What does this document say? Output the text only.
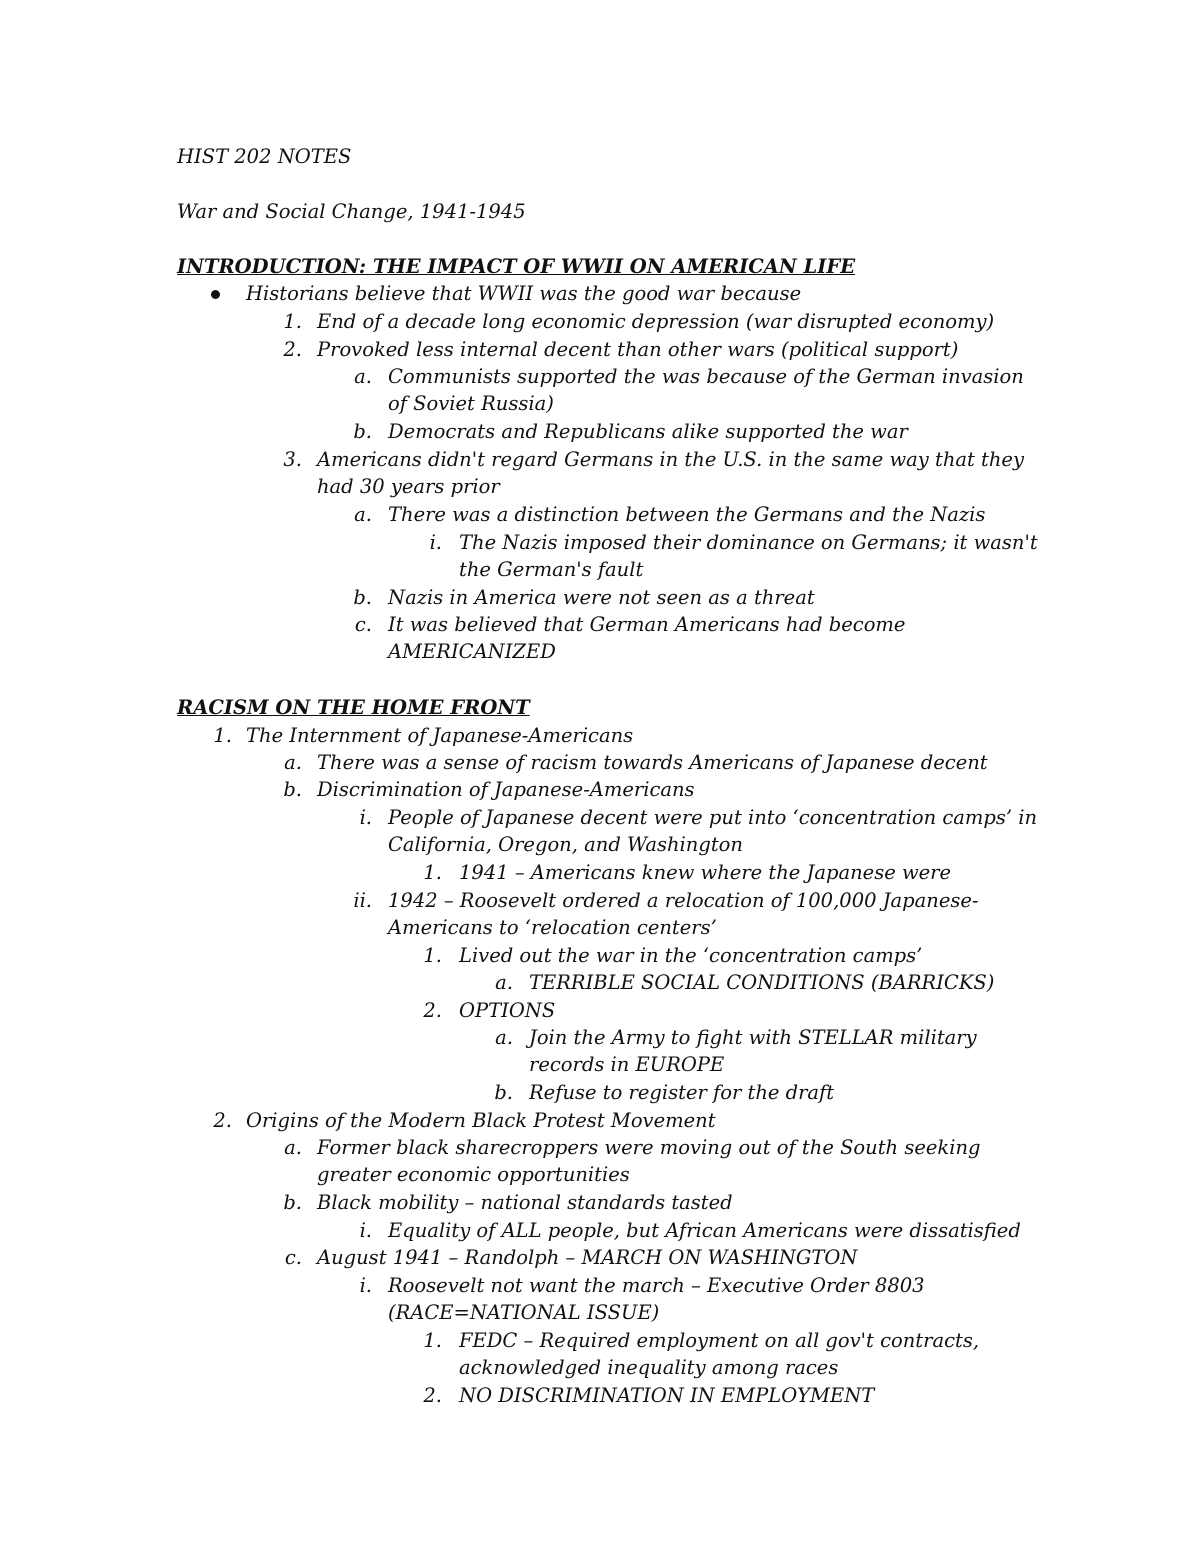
HIST 202 NOTES
War and Social Change, 1941-1945
INTRODUCTION: THE IMPACT OF WWII ON AMERICAN LIFE
Historians believe that WWII was the good war because
1. End of a decade long economic depression (war disrupted economy)
2. Provoked less internal decent than other wars (political support)
a. Communists supported the was because of the German invasion
of Soviet Russia)
b. Democrats and Republicans alike supported the war
3. Americans didn't regard Germans in the U.S. in the same way that they
had 30 years prior
a. There was a distinction between the Germans and the Nazis
i. The Nazis imposed their dominance on Germans; it wasn't
the German's fault
b. Nazis in America were not seen as a threat
c. It was believed that German Americans had become
AMERICANIZED
RACISM ON THE HOME FRONT
1. The Internment of Japanese-Americans
a. There was a sense of racism towards Americans of Japanese decent
b. Discrimination of Japanese-Americans
i. People of Japanese decent were put into ‘concentration camps’ in
California, Oregon, and Washington
1. 1941 – Americans knew where the Japanese were
ii. 1942 – Roosevelt ordered a relocation of 100,000 Japanese-
Americans to ‘relocation centers’
1. Lived out the war in the ‘concentration camps’
a. TERRIBLE SOCIAL CONDITIONS (BARRICKS)
2. OPTIONS
a. Join the Army to fight with STELLAR military
records in EUROPE
b. Refuse to register for the draft
2. Origins of the Modern Black Protest Movement
a. Former black sharecroppers were moving out of the South seeking
greater economic opportunities
b. Black mobility – national standards tasted
i. Equality of ALL people, but African Americans were dissatisfied
c. August 1941 – Randolph – MARCH ON WASHINGTON
i. Roosevelt not want the march – Executive Order 8803
(RACE=NATIONAL ISSUE)
1. FEDC – Required employment on all gov't contracts,
acknowledged inequality among races
2. NO DISCRIMINATION IN EMPLOYMENT
